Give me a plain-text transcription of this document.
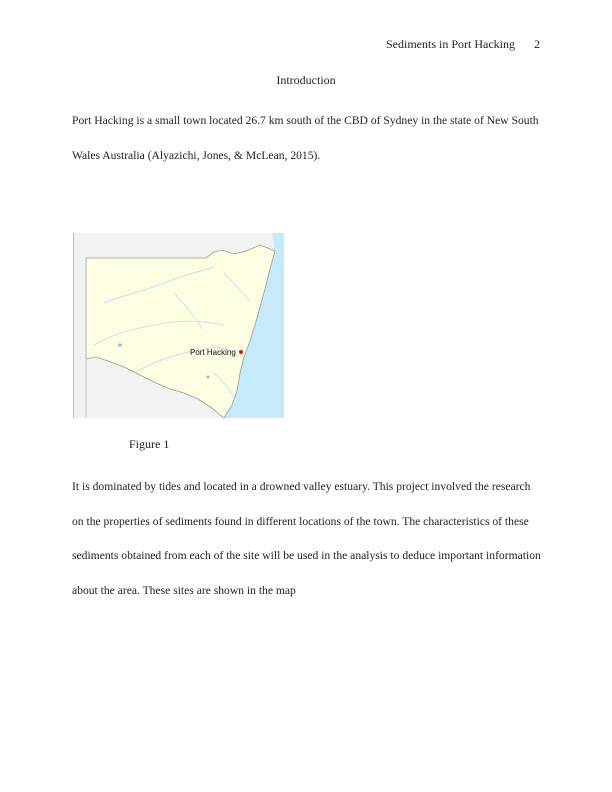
Sediments in Port Hacking 2
Introduction

Port Hacking is a small town located 26.7 km south of the CBD of Sydney in the state of New South Wales Australia (Alyazichi, Jones, & McLean, 2015).

Port Hacking
Figure 1

It is dominated by tides and located in a drowned valley estuary. This project involved the research on the properties of sediments found in different locations of the town. The characteristics of these sediments obtained from each of the site will be used in the analysis to deduce important information about the area. These sites are shown in the map
